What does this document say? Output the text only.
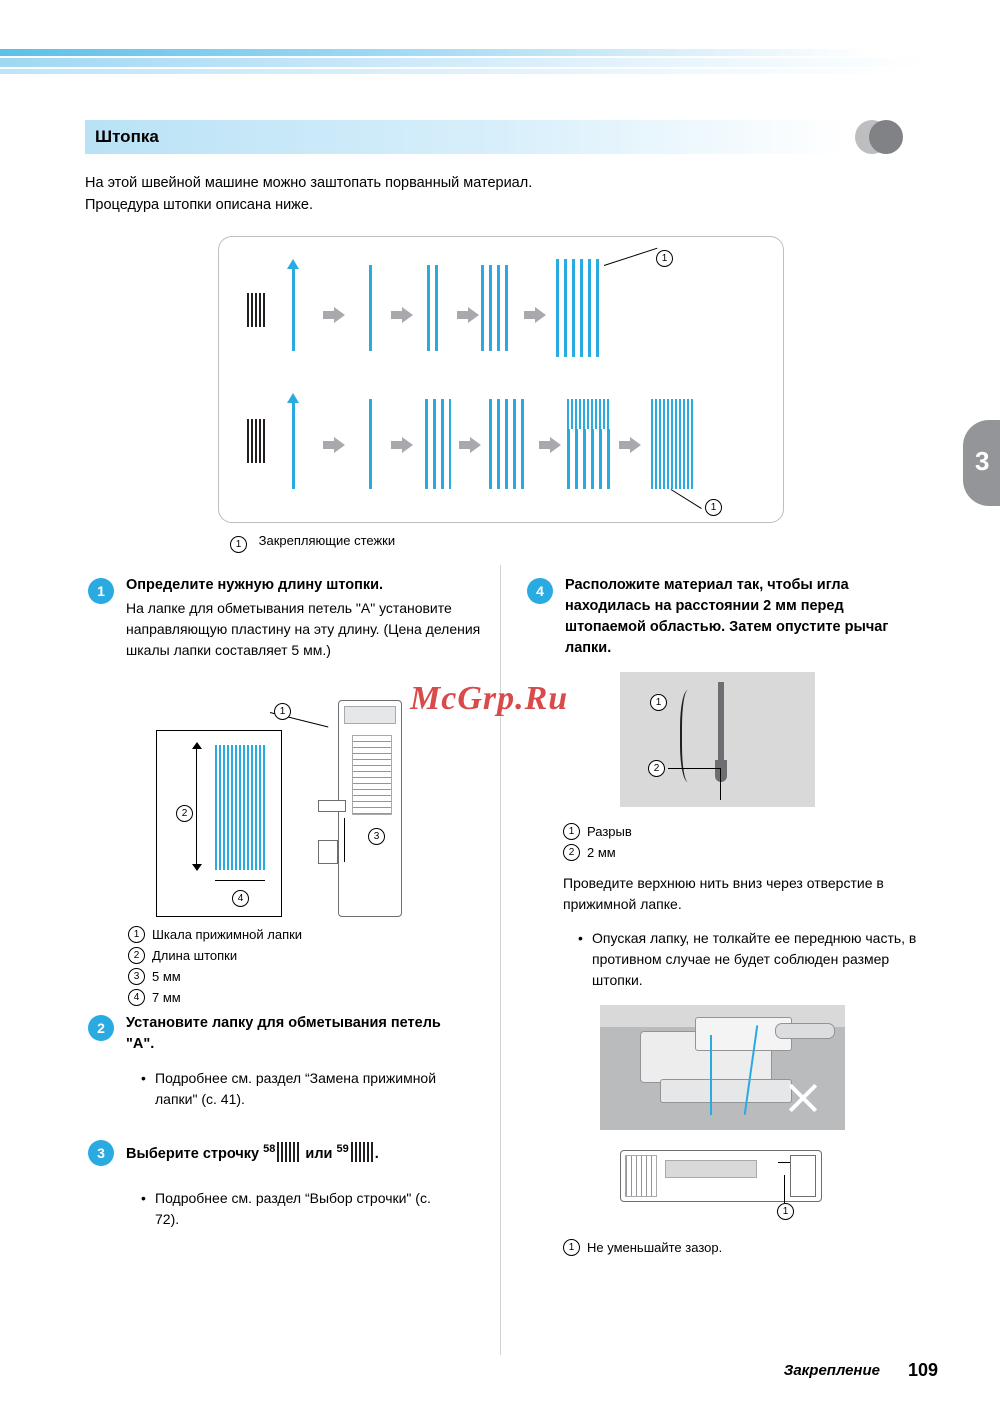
Штопка
3
На этой швейной машине можно заштопать порванный материал.
Процедура штопки описана ниже.
1
1
1 Закрепляющие стежки
1	Определите нужную длину штопки.
На лапке для обметывания петель "A" установите направляющую пластину на эту длину. (Цена деления шкалы лапки составляет 5 мм.)
2
4
3
1
1 Шкала прижимной лапки
2 Длина штопки
3 5 мм
4 7 мм
2	Установите лапку для обметывания петель "A".
• Подробнее см. раздел “Замена прижимной лапки" (с. 41).
3	Выберите строчку $^{58}$ или $^{59}$ .
• Подробнее см. раздел “Выбор строчки" (с. 72).
4	Расположите материал так, чтобы игла находилась на расстоянии 2 мм перед штопаемой областью. Затем опустите рычаг лапки.
1
2
1 Разрыв
2 2 мм
Проведите верхнюю нить вниз через отверстие в прижимной лапке.
• Опуская лапку, не толкайте ее переднюю часть, в противном случае не будет соблюден размер штопки.
1
1 Не уменьшайте зазор.
McGrp.Ru
Закрепление 109
